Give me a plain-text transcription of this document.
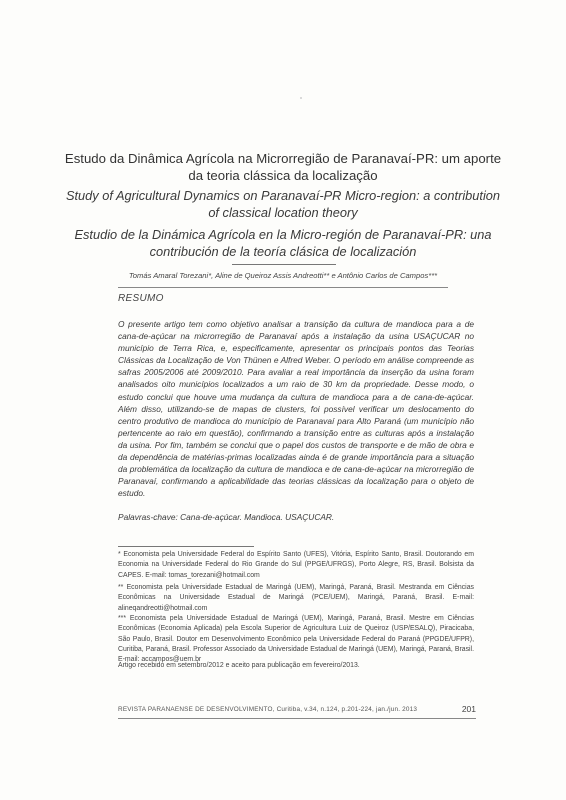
Estudo da Dinâmica Agrícola na Microrregião de Paranavaí-PR: um aporte da teoria clássica da localização
Study of Agricultural Dynamics on Paranavaí-PR Micro-region: a contribution of classical location theory
Estudio de la Dinámica Agrícola en la Micro-región de Paranavaí-PR: una contribución de la teoría clásica de localización
Tomás Amaral Torezani*, Aline de Queiroz Assis Andreotti** e Antônio Carlos de Campos***
RESUMO
O presente artigo tem como objetivo analisar a transição da cultura de mandioca para a de cana-de-açúcar na microrregião de Paranavaí após a instalação da usina USAÇUCAR no município de Terra Rica, e, especificamente, apresentar os principais pontos das Teorias Clássicas da Localização de Von Thünen e Alfred Weber. O período em análise compreende as safras 2005/2006 até 2009/2010. Para avaliar a real importância da inserção da usina foram analisados oito municípios localizados a um raio de 30 km da propriedade. Desse modo, o estudo conclui que houve uma mudança da cultura de mandioca para a de cana-de-açúcar. Além disso, utilizando-se de mapas de clusters, foi possível verificar um deslocamento do centro produtivo de mandioca do município de Paranavaí para Alto Paraná (um município não pertencente ao raio em questão), confirmando a transição entre as culturas após a instalação da usina. Por fim, também se conclui que o papel dos custos de transporte e de mão de obra e da dependência de matérias-primas localizadas ainda é de grande importância para a situação da problemática da localização da cultura de mandioca e de cana-de-açúcar na microrregião de Paranavaí, confirmando a aplicabilidade das teorias clássicas da localização para o objeto de estudo.
Palavras-chave: Cana-de-açúcar. Mandioca. USAÇUCAR.
* Economista pela Universidade Federal do Espírito Santo (UFES), Vitória, Espírito Santo, Brasil. Doutorando em Economia na Universidade Federal do Rio Grande do Sul (PPGE/UFRGS), Porto Alegre, RS, Brasil. Bolsista da CAPES. E-mail: tomas_torezani@hotmail.com
** Economista pela Universidade Estadual de Maringá (UEM), Maringá, Paraná, Brasil. Mestranda em Ciências Econômicas na Universidade Estadual de Maringá (PCE/UEM), Maringá, Paraná, Brasil. E-mail: alineqandreotti@hotmail.com
*** Economista pela Universidade Estadual de Maringá (UEM), Maringá, Paraná, Brasil. Mestre em Ciências Econômicas (Economia Aplicada) pela Escola Superior de Agricultura Luiz de Queiroz (USP/ESALQ), Piracicaba, São Paulo, Brasil. Doutor em Desenvolvimento Econômico pela Universidade Federal do Paraná (PPGDE/UFPR), Curitiba, Paraná, Brasil. Professor Associado da Universidade Estadual de Maringá (UEM), Maringá, Paraná, Brasil. E-mail: accampos@uem.br
Artigo recebido em setembro/2012 e aceito para publicação em fevereiro/2013.
REVISTA PARANAENSE DE DESENVOLVIMENTO, Curitiba, v.34, n.124, p.201-224, jan./jun. 2013	201
